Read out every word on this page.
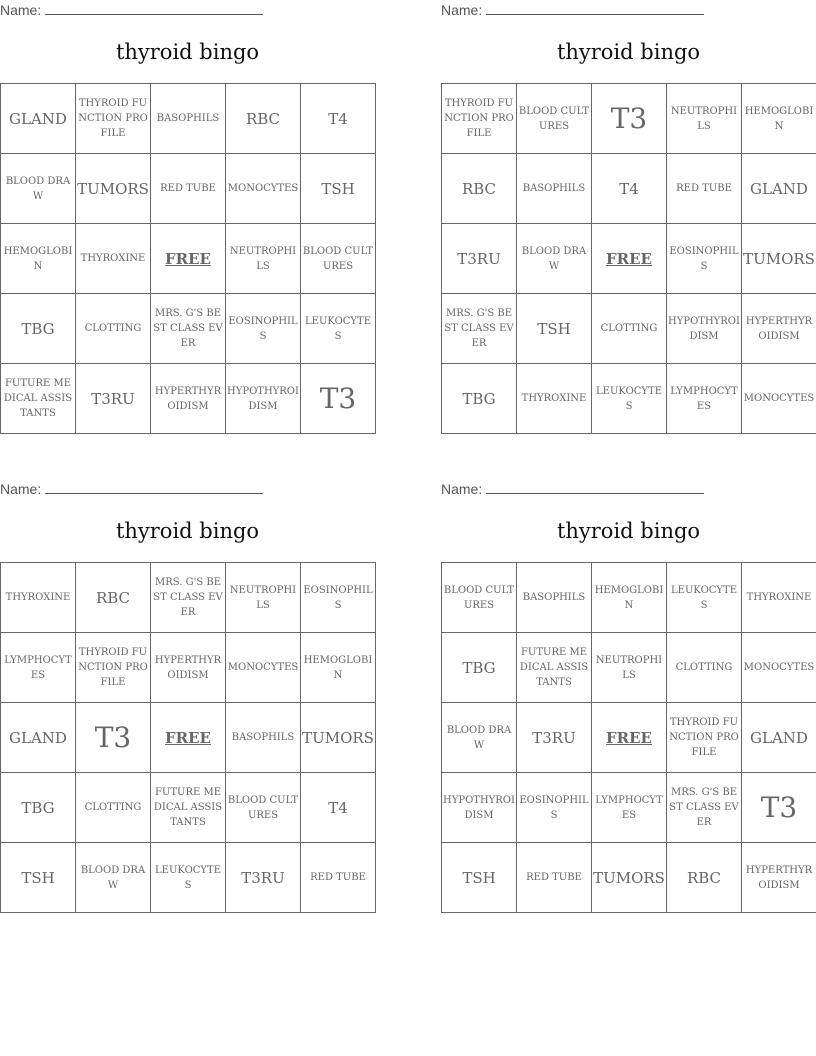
Name:
thyroid bingo
GLAND	THYROID FUNCTION PROFILE	BASOPHILS	RBC	T4
BLOOD DRAW	TUMORS	RED TUBE	MONOCYTES	TSH
HEMOGLOBIN	THYROXINE	FREE	NEUTROPHILS	BLOOD CULTURES
TBG	CLOTTING	MRS. G'S BEST CLASS EVER	EOSINOPHILS	LEUKOCYTES
FUTURE MEDICAL ASSISTANTS	T3RU	HYPERTHYROIDISM	HYPOTHYROIDISM	T3
Name:
thyroid bingo
THYROID FUNCTION PROFILE	BLOOD CULTURES	T3	NEUTROPHILS	HEMOGLOBIN
RBC	BASOPHILS	T4	RED TUBE	GLAND
T3RU	BLOOD DRAW	FREE	EOSINOPHILS	TUMORS
MRS. G'S BEST CLASS EVER	TSH	CLOTTING	HYPOTHYROIDISM	HYPERTHYROIDISM
TBG	THYROXINE	LEUKOCYTES	LYMPHOCYTES	MONOCYTES
Name:
thyroid bingo
THYROXINE	RBC	MRS. G'S BEST CLASS EVER	NEUTROPHILS	EOSINOPHILS
LYMPHOCYTES	THYROID FUNCTION PROFILE	HYPERTHYROIDISM	MONOCYTES	HEMOGLOBIN
GLAND	T3	FREE	BASOPHILS	TUMORS
TBG	CLOTTING	FUTURE MEDICAL ASSISTANTS	BLOOD CULTURES	T4
TSH	BLOOD DRAW	LEUKOCYTES	T3RU	RED TUBE
Name:
thyroid bingo
BLOOD CULTURES	BASOPHILS	HEMOGLOBIN	LEUKOCYTES	THYROXINE
TBG	FUTURE MEDICAL ASSISTANTS	NEUTROPHILS	CLOTTING	MONOCYTES
BLOOD DRAW	T3RU	FREE	THYROID FUNCTION PROFILE	GLAND
HYPOTHYROIDISM	EOSINOPHILS	LYMPHOCYTES	MRS. G'S BEST CLASS EVER	T3
TSH	RED TUBE	TUMORS	RBC	HYPERTHYROIDISM
